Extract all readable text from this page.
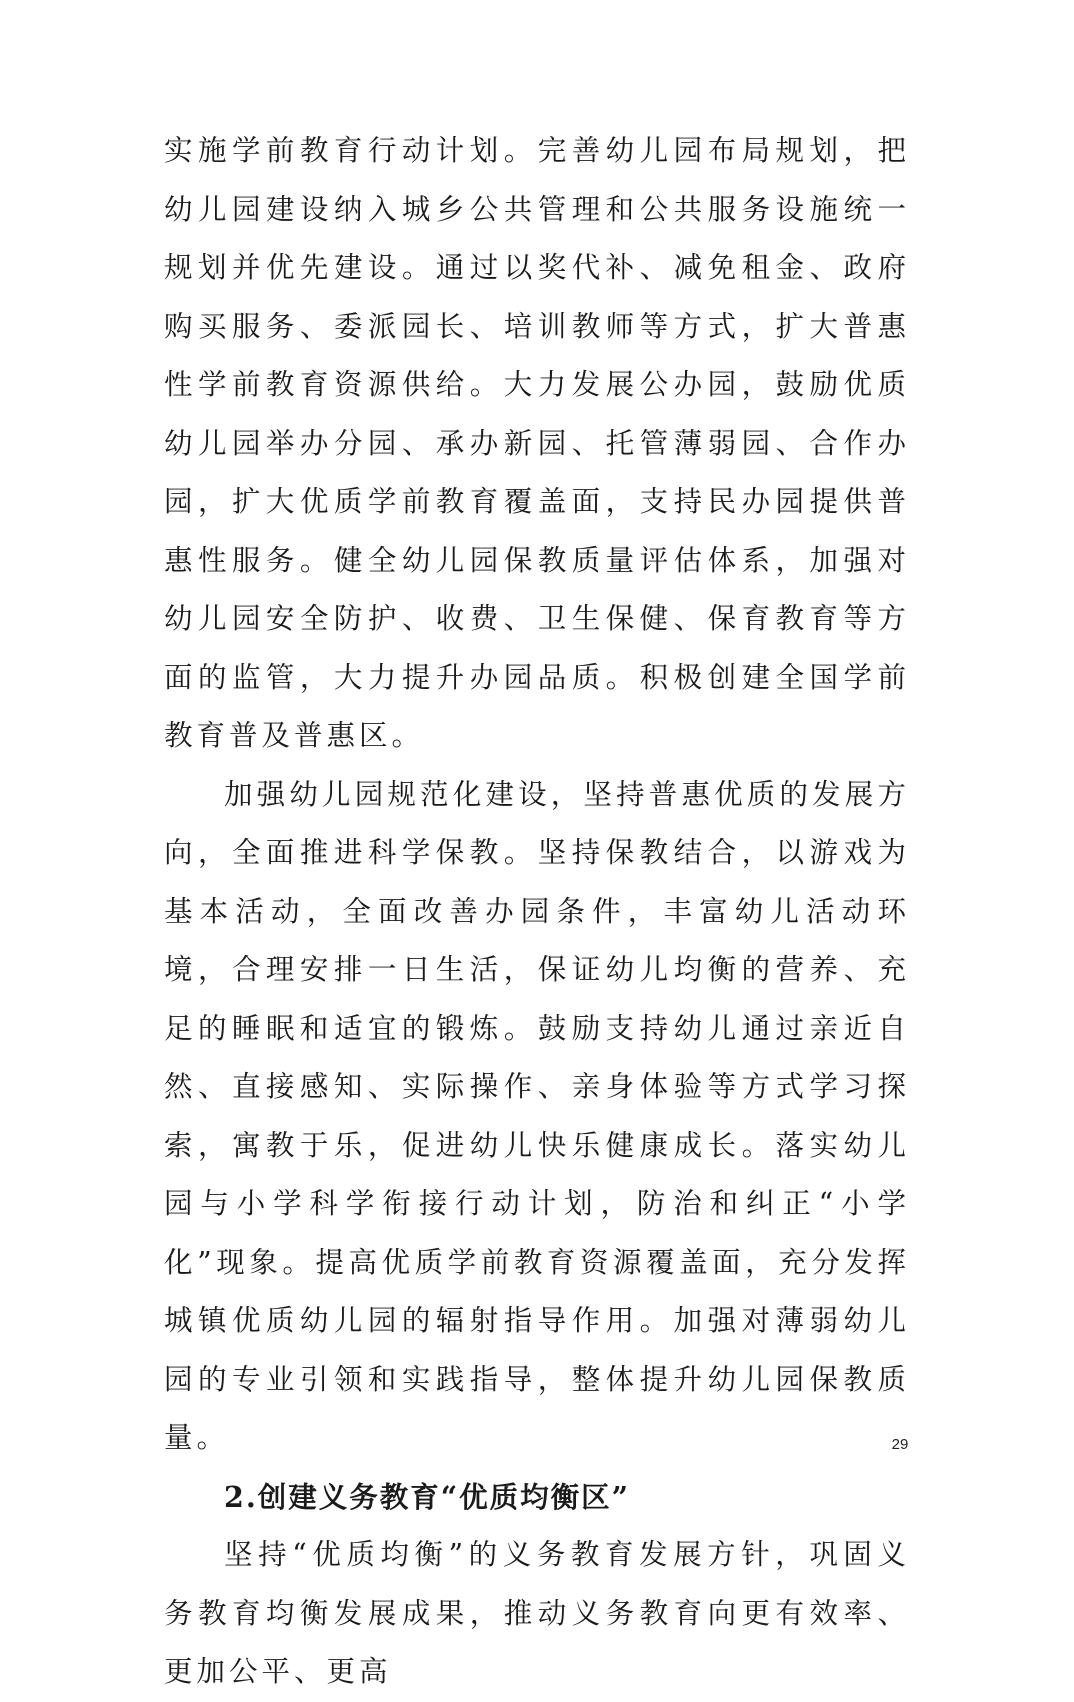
实施学前教育行动计划。完善幼儿园布局规划，把幼儿园建设纳入城乡公共管理和公共服务设施统一规划并优先建设。通过以奖代补、减免租金、政府购买服务、委派园长、培训教师等方式，扩大普惠性学前教育资源供给。大力发展公办园，鼓励优质幼儿园举办分园、承办新园、托管薄弱园、合作办园，扩大优质学前教育覆盖面，支持民办园提供普惠性服务。健全幼儿园保教质量评估体系，加强对幼儿园安全防护、收费、卫生保健、保育教育等方面的监管，大力提升办园品质。积极创建全国学前教育普及普惠区。

加强幼儿园规范化建设，坚持普惠优质的发展方向，全面推进科学保教。坚持保教结合，以游戏为基本活动，全面改善办园条件，丰富幼儿活动环境，合理安排一日生活，保证幼儿均衡的营养、充足的睡眠和适宜的锻炼。鼓励支持幼儿通过亲近自然、直接感知、实际操作、亲身体验等方式学习探索，寓教于乐，促进幼儿快乐健康成长。落实幼儿园与小学科学衔接行动计划，防治和纠正“小学化”现象。提高优质学前教育资源覆盖面，充分发挥城镇优质幼儿园的辐射指导作用。加强对薄弱幼儿园的专业引领和实践指导，整体提升幼儿园保教质量。

2.创建义务教育“优质均衡区”

坚持“优质均衡”的义务教育发展方针，巩固义务教育均衡发展成果，推动义务教育向更有效率、更加公平、更高

29
